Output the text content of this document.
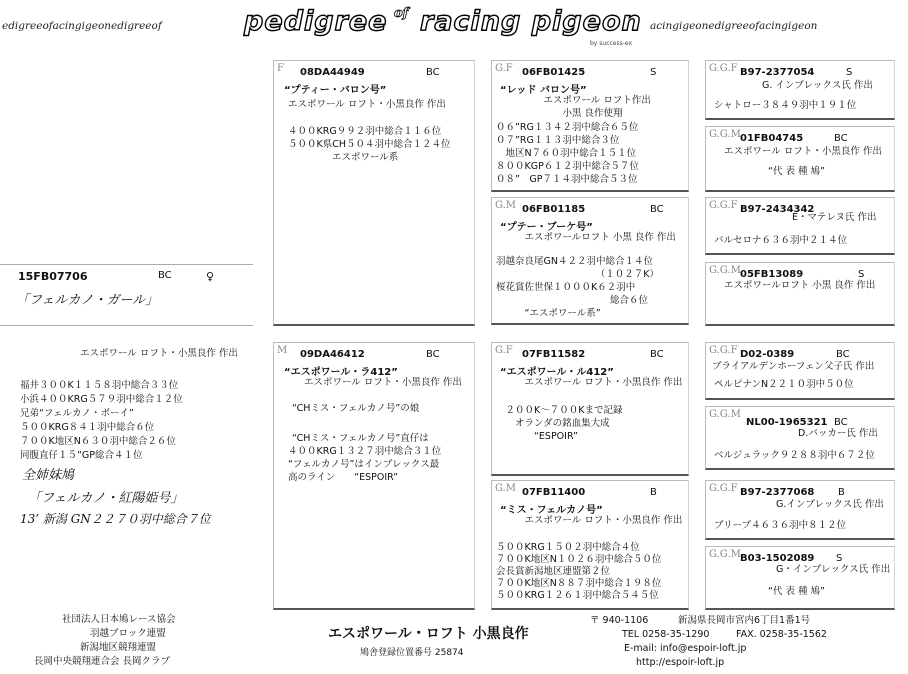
edigreeofacingigeonedigreeof	pedigree of racing pigeon
by success-ex
acingigeonedigreeofacingigeon
15FB07706	BC	♀
「フェルカノ・ガール」
エスポワール ロフト・小黒良作 作出
福井３００K１１５８羽中総合３３位
小浜４００KRG５７９羽中総合１２位
兄弟“フェルカノ・ボーイ”
５００KRG８４１羽中総合６位
７００K地区N６３０羽中総合２６位
同腹直仔１５”GP総合４１位
全姉妹鳩
「フェルカノ・紅陽姫号」
13’ 新潟 GN２２７０羽中総合７位
F 08DA44949	BC
“プティー・バロン号”
エスポワール ロフト・小黒良作 作出
４００KRG９９２羽中総合１１６位
５００K県CH５０４羽中総合１２４位
エスポワール系
M 09DA46412	BC
“エスポワール・ラ412”
エスポワール ロフト・小黒良作 作出
“CHミス・フェルカノ号”の娘
“CHミス・フェルカノ号”直仔は
４００KRG１３２７羽中総合３１位
“フェルカノ号”はインブレックス最
高のライン　　“ESPOIR”
G.F 06FB01425	S
“レッド バロン号”
　　　　　エスポワール ロフト作出
　　　　　　　小黒 良作使翔
０６”RG１３４２羽中総合６５位
０７”RG１１３羽中総合３位
　地区N７６０羽中総合１５１位
８００KGP６１２羽中総合５７位
０８”　GP７１４羽中総合５３位
G.M 06FB01185	BC
“プテー・ブーケ号”
　　　エスポワールロフト 小黒 良作 作出
羽越奈良尾GN４２２羽中総合１４位
　　　　　　　　　　　（１０２７K）
桜花賞佐世保１０００K６２羽中
　　　　　　　　　　　　総合６位
　　　“エスポワール系”
G.F 07FB11582	BC
“エスポワール・ル412”
　　　エスポワール ロフト・小黒良作 作出
　２００K～７００Kまで記録
　　オランダの銘血集大成
　　　　“ESPOIR”
G.M 07FB11400	B
“ミス・フェルカノ号”
　　　エスポワール ロフト・小黒良作 作出
５００KRG１５０２羽中総合４位
７００K地区N１０２６羽中総合５０位
会長賞新潟地区連盟第２位
７００K地区N８８７羽中総合１９８位
５００KRG１２６１羽中総合５４５位
G.G.F B97-2377054	S
G. インブレックス氏 作出
シャトロー３８４９羽中１９１位
G.G.M 01FB04745	BC
エスポワール ロフト・小黒良作 作出
“代 表 種 鳩”
G.G.F B97-2434342
E・マテレヌ氏 作出
バルセロナ６３６羽中２１４位
G.G.M 05FB13089	S
エスポワールロフト 小黒 良作 作出
G.G.F D02-0389	BC
ブライアルデンホーフェン父子氏 作出
ペルピナンN２２１０羽中５０位
G.G.M
NL00-1965321 BC
D.バッカー氏 作出
ベルジュラック９２８８羽中６７２位
G.G.F B97-2377068 B
G.インブレックス氏 作出
ブリーブ４６３６羽中８１２位
G.G.M B03-1502089 S
G・インブレックス氏 作出
“代 表 種 鳩”
社団法人日本鳩レース協会
羽越ブロック連盟
新潟地区競翔連盟
長岡中央競翔連合会 長岡クラブ
エスポワール・ロフト 小黒良作
鳩舎登録位置番号 25874
〒 940-1106	新潟県長岡市宮内6丁目1番1号
TEL 0258-35-1290	FAX. 0258-35-1562
E-mail: info@espoir-loft.jp
http://espoir-loft.jp
